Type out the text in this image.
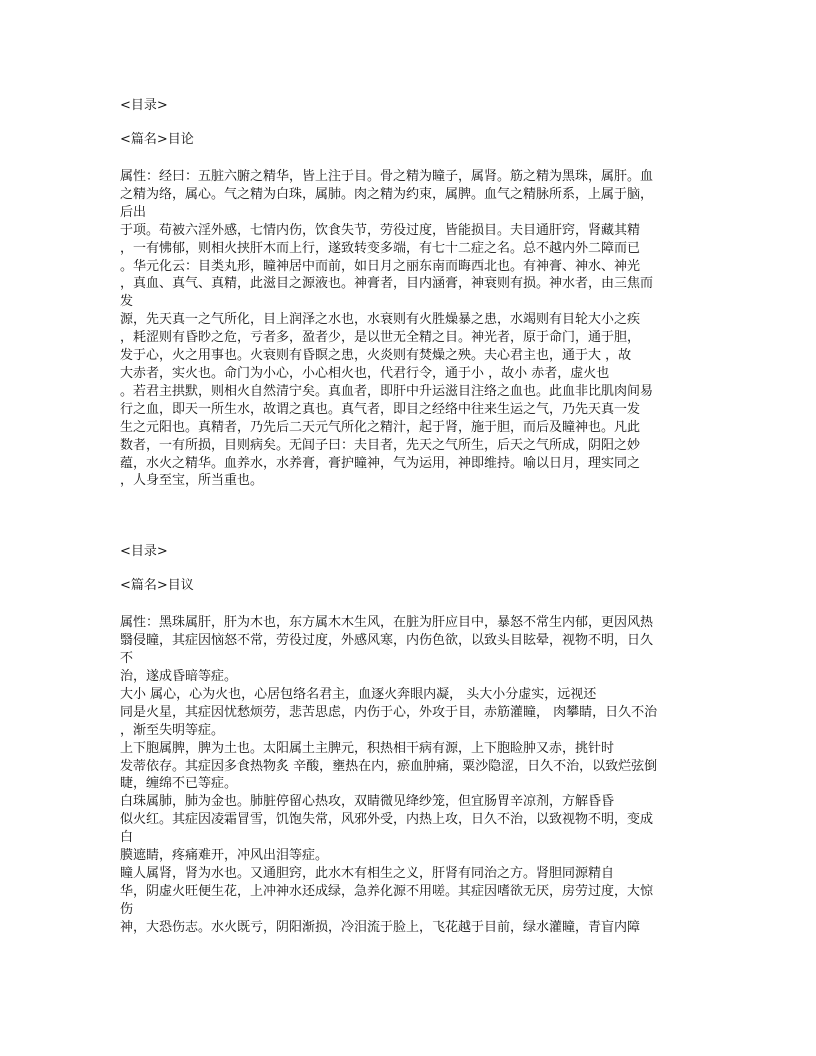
<目录>

<篇名>目论

属性：经曰：五脏六腑之精华，皆上注于目。骨之精为瞳子，属肾。筋之精为黑珠，属肝。血
之精为络，属心。气之精为白珠，属肺。肉之精为约束，属脾。血气之精脉所系，上属于脑，
后出
于项。苟被六淫外感，七情内伤，饮食失节，劳役过度，皆能损目。夫目通肝窍，肾藏其精
，一有怫郁，则相火挟肝木而上行，遂致转变多端，有七十二症之名。总不越内外二障而已
。华元化云：目类丸形，瞳神居中而前，如日月之丽东南而晦西北也。有神膏、神水、神光
，真血、真气、真精，此滋目之源液也。神膏者，目内涵膏，神衰则有损。神水者，由三焦而
发
源，先天真一之气所化，目上润泽之水也，水衰则有火胜燥暴之患，水竭则有目轮大小之疾
，耗涩则有昏眇之危，亏者多，盈者少，是以世无全精之目。神光者，原于命门，通于胆，
发于心，火之用事也。火衰则有昏瞑之患，火炎则有焚燥之殃。夫心君主也，通于大 ，故
大赤者，实火也。命门为小心，小心相火也，代君行令，通于小 ，故小 赤者，虚火也
。若君主拱默，则相火自然清宁矣。真血者，即肝中升运滋目注络之血也。此血非比肌肉间易
行之血，即天一所生水，故谓之真也。真气者，即目之经络中往来生运之气，乃先天真一发
生之元阳也。真精者，乃先后二天元气所化之精汁，起于肾，施于胆，而后及瞳神也。凡此
数者，一有所损，目则病矣。无闾子曰：夫目者，先天之气所生，后天之气所成，阴阳之妙
蕴，水火之精华。血养水，水养膏，膏护瞳神，气为运用，神即维持。喻以日月，理实同之
，人身至宝，所当重也。

<目录>

<篇名>目议

属性：黑珠属肝，肝为木也，东方属木木生风，在脏为肝应目中，暴怒不常生内郁，更因风热
翳侵瞳，其症因恼怒不常，劳役过度，外感风寒，内伤色欲，以致头目眩晕，视物不明，日久
不
治，遂成昏暗等症。
大小 属心，心为火也，心居包络名君主，血逐火奔眼内凝， 头大小分虚实，远视还
同是火星，其症因忧愁烦劳，悲苦思虑，内伤于心，外攻于目，赤筋灌瞳， 肉攀睛，日久不治
，渐至失明等症。
上下胞属脾，脾为土也。太阳属土主脾元，积热相干病有源，上下胞睑肿又赤，挑针时
发蒂依存。其症因多食热物炙 辛酸，壅热在内，瘀血肿痛，粟沙隐涩，日久不治，以致烂弦倒
睫，缠绵不已等症。
白珠属肺，肺为金也。肺脏停留心热攻，双睛微见绛纱笼，但宜肠胃辛凉剂，方解昏昏
似火红。其症因凌霜冒雪，饥饱失常，风邪外受，内热上攻，日久不治，以致视物不明，变成
白
膜遮睛，疼痛难开，冲风出泪等症。
瞳人属肾，肾为水也。又通胆窍，此水木有相生之义，肝肾有同治之方。肾胆同源精自
华，阴虚火旺便生花，上冲神水还成绿，急养化源不用嗟。其症因嗜欲无厌，房劳过度，大惊
伤
神，大恐伤志。水火既亏，阴阳渐损，冷泪流于脸上，飞花越于目前，绿水灌瞳，青盲内障
